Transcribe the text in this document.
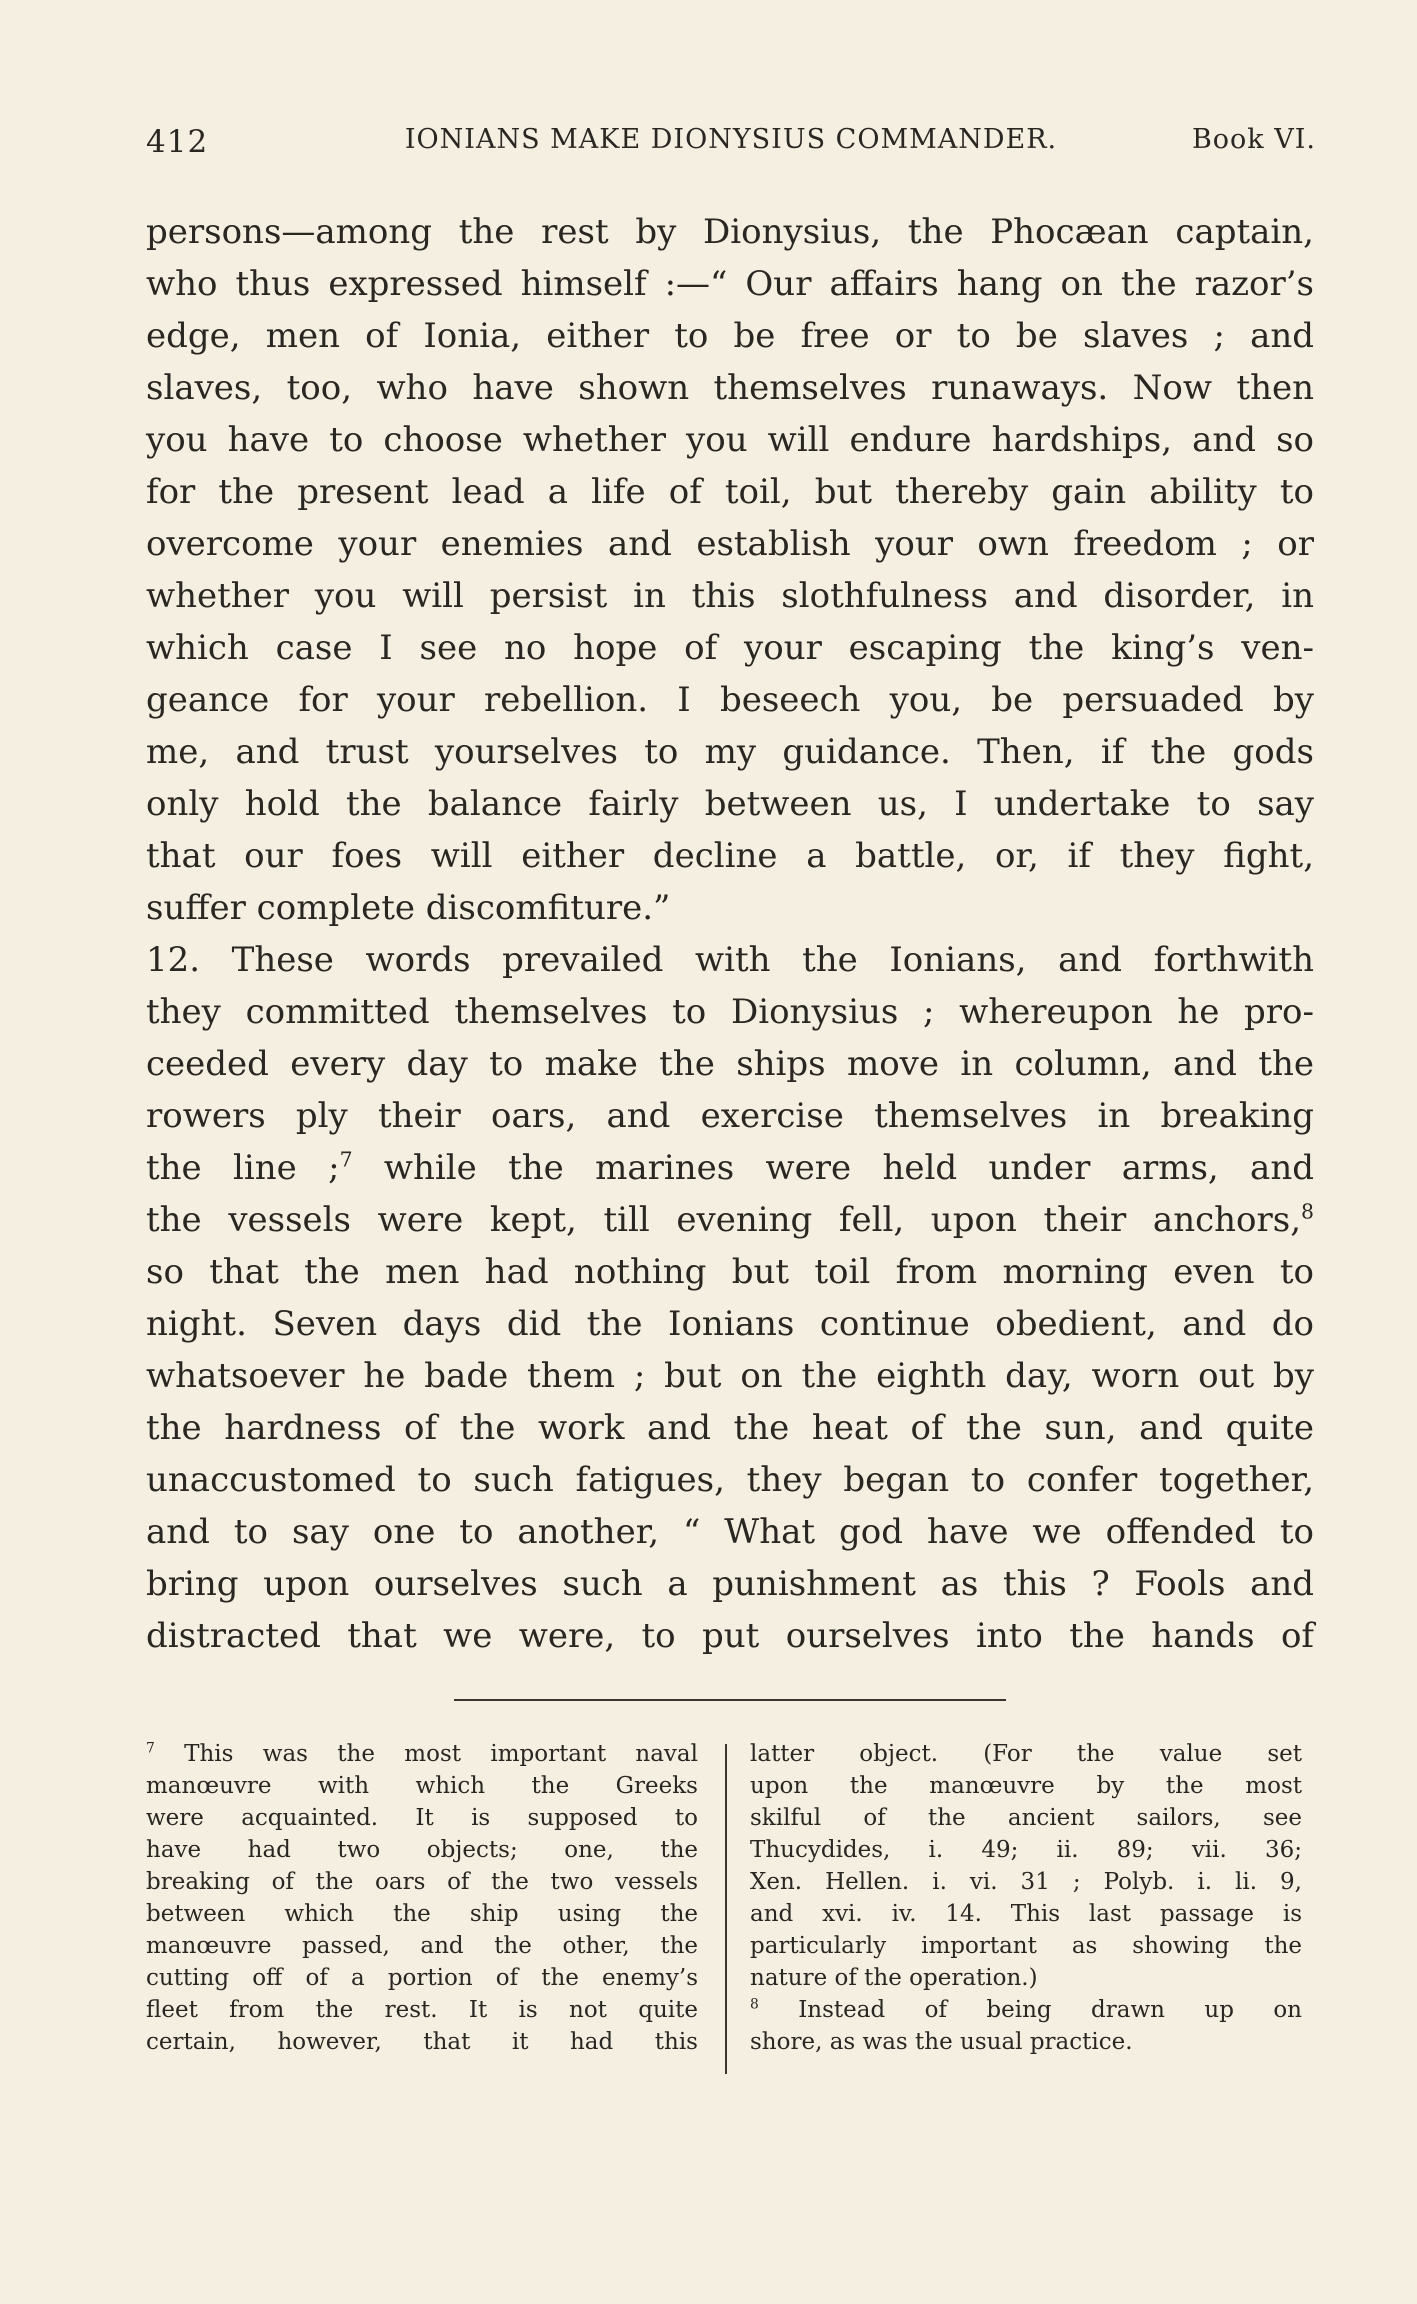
412	IONIANS MAKE DIONYSIUS COMMANDER.	Book VI.
persons—among the rest by Dionysius, the Phocæan captain,
who thus expressed himself :—“ Our affairs hang on the razor’s
edge, men of Ionia, either to be free or to be slaves ; and
slaves, too, who have shown themselves runaways. Now then
you have to choose whether you will endure hardships, and so
for the present lead a life of toil, but thereby gain ability to
overcome your enemies and establish your own freedom ; or
whether you will persist in this slothfulness and disorder, in
which case I see no hope of your escaping the king’s ven-
geance for your rebellion. I beseech you, be persuaded by
me, and trust yourselves to my guidance. Then, if the gods
only hold the balance fairly between us, I undertake to say
that our foes will either decline a battle, or, if they fight,
suffer complete discomfiture.”
12. These words prevailed with the Ionians, and forthwith
they committed themselves to Dionysius ; whereupon he pro-
ceeded every day to make the ships move in column, and the
rowers ply their oars, and exercise themselves in breaking
the line ;$^7$ while the marines were held under arms, and
the vessels were kept, till evening fell, upon their anchors,$^8$
so that the men had nothing but toil from morning even to
night. Seven days did the Ionians continue obedient, and do
whatsoever he bade them ; but on the eighth day, worn out by
the hardness of the work and the heat of the sun, and quite
unaccustomed to such fatigues, they began to confer together,
and to say one to another, “ What god have we offended to
bring upon ourselves such a punishment as this ? Fools and
distracted that we were, to put ourselves into the hands of
$^7$ This was the most important naval
manœuvre with which the Greeks
were acquainted. It is supposed to
have had two objects; one, the
breaking of the oars of the two vessels
between which the ship using the
manœuvre passed, and the other, the
cutting off of a portion of the enemy’s
fleet from the rest. It is not quite
certain, however, that it had this
latter object. (For the value set
upon the manœuvre by the most
skilful of the ancient sailors, see
Thucydides, i. 49; ii. 89; vii. 36;
Xen. Hellen. i. vi. 31 ; Polyb. i. li. 9,
and xvi. iv. 14. This last passage is
particularly important as showing the
nature of the operation.)
$^8$ Instead of being drawn up on
shore, as was the usual practice.
